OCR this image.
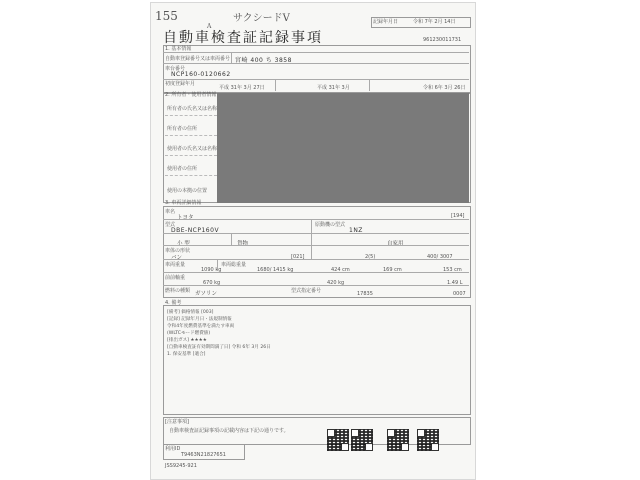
155	サクシードV
A
記録年月日	令和 7年 2月 14日
自動車検査証記録事項	961230011731
1. 基本情報
自動車登録番号又は車両番号 宮崎 400 ち 3858
車台番号
NCP160-0120662
初度登録年月
平成 31年 3月 27日	平成 31年 3月	令和 6年 3月 26日
2. 所有者・使用者情報
所有者の氏名又は名称
所有者の住所
使用者の氏名又は名称
使用者の住所
使用の本拠の位置
3. 車両詳細情報
車名
トヨタ	[194]
型式
DBE-NCP160V
原動機の型式
1NZ
小 型	貨物	自家用
車体の形状
バン	[021]	2(5)	400/ 3007
車両重量
1090 kg
車両総重量
1680/ 1415 kg	424 cm	169 cm	153 cm
前前軸重
670 kg	420 kg	1.49 L
燃料の種類 ガソリン	型式指定番号	17835	0007
4. 備考
[備考] 価格情報 [003]
[記録] 記録年月日・法規制情報
令和4年度燃費基準を満たす車両
(WLTCモード燃費値)
[排出ガス] ★★★★
[自動車検査証有効期間満了日] 令和 6年 3月 26日
1. 保安基準 [適合]
[注意事項]
自動車検査証記録事項の記載内容は下記の通りです。
利用ID
T9463N21827651
JSS9245-921
